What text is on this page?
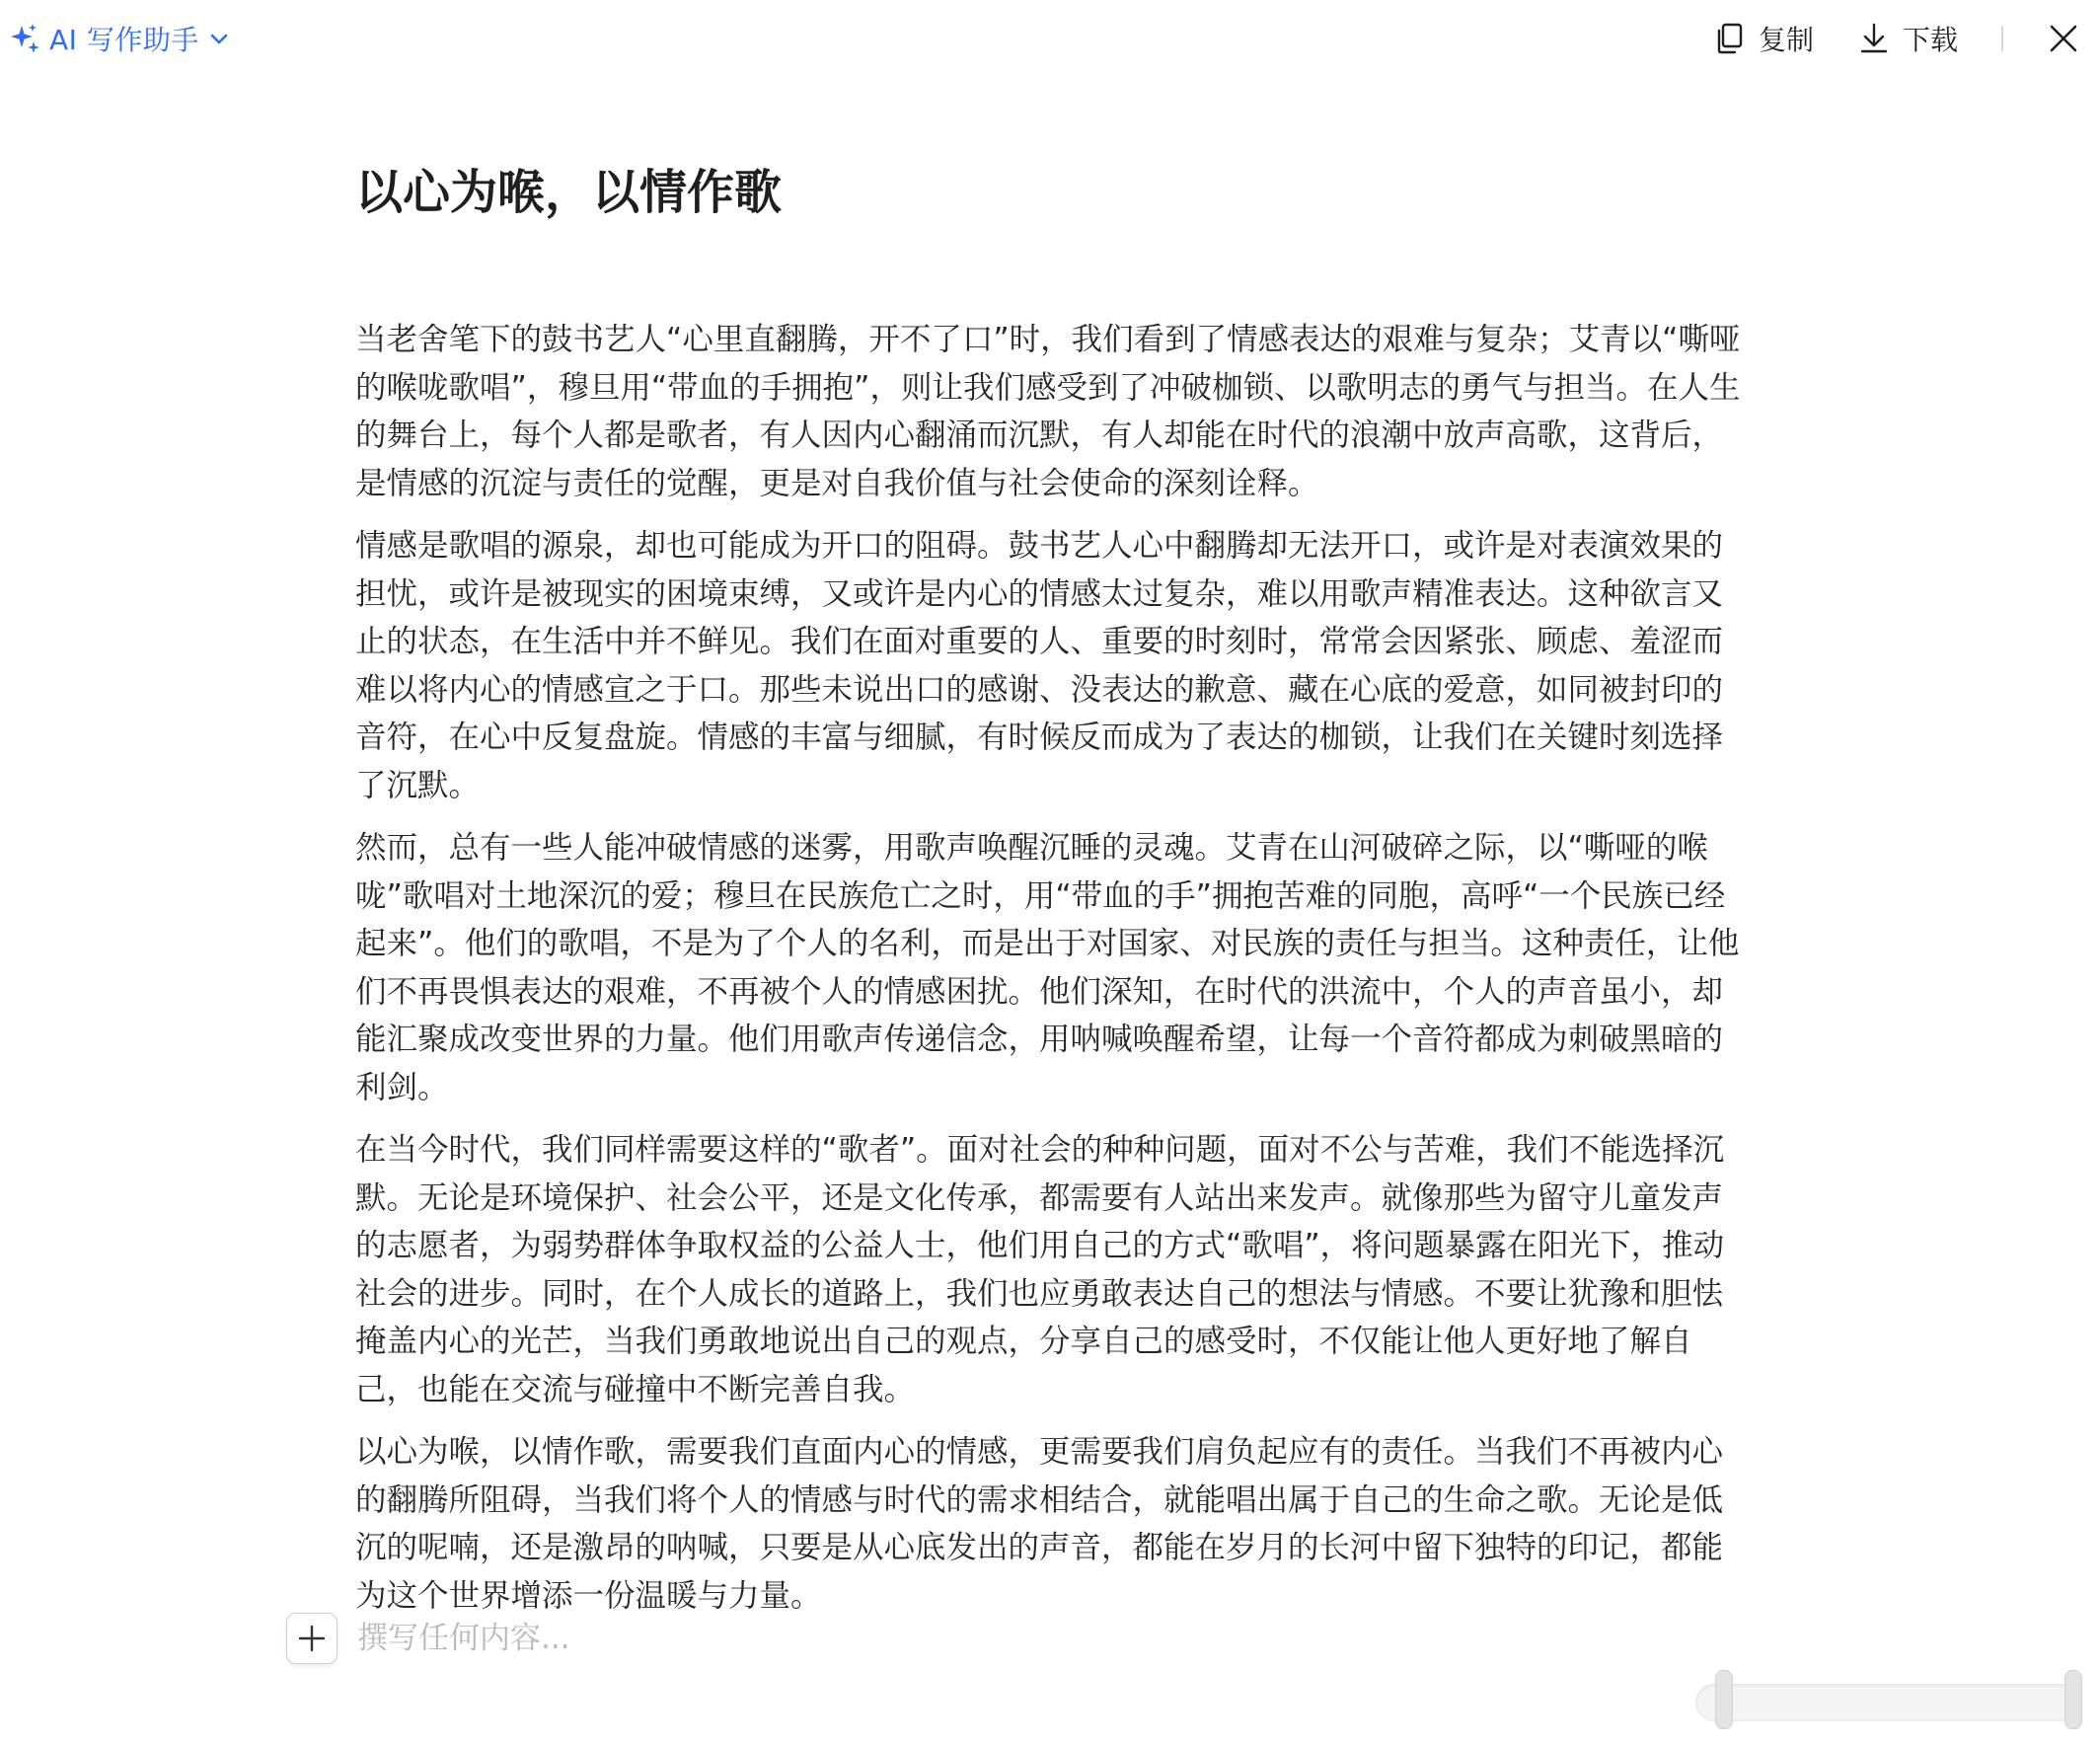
AI 写作助手	复制	下载
以心为喉，以情作歌

当老舍笔下的鼓书艺人“心里直翻腾，开不了口”时，我们看到了情感表达的艰难与复杂；艾青以“嘶哑的喉咙歌唱”，穆旦用“带血的手拥抱”，则让我们感受到了冲破枷锁、以歌明志的勇气与担当。在人生的舞台上，每个人都是歌者，有人因内心翻涌而沉默，有人却能在时代的浪潮中放声高歌，这背后，是情感的沉淀与责任的觉醒，更是对自我价值与社会使命的深刻诠释。

情感是歌唱的源泉，却也可能成为开口的阻碍。鼓书艺人心中翻腾却无法开口，或许是对表演效果的担忧，或许是被现实的困境束缚，又或许是内心的情感太过复杂，难以用歌声精准表达。这种欲言又止的状态，在生活中并不鲜见。我们在面对重要的人、重要的时刻时，常常会因紧张、顾虑、羞涩而难以将内心的情感宣之于口。那些未说出口的感谢、没表达的歉意、藏在心底的爱意，如同被封印的音符，在心中反复盘旋。情感的丰富与细腻，有时候反而成为了表达的枷锁，让我们在关键时刻选择了沉默。

然而，总有一些人能冲破情感的迷雾，用歌声唤醒沉睡的灵魂。艾青在山河破碎之际，以“嘶哑的喉咙”歌唱对土地深沉的爱；穆旦在民族危亡之时，用“带血的手”拥抱苦难的同胞，高呼“一个民族已经起来”。他们的歌唱，不是为了个人的名利，而是出于对国家、对民族的责任与担当。这种责任，让他们不再畏惧表达的艰难，不再被个人的情感困扰。他们深知，在时代的洪流中，个人的声音虽小，却能汇聚成改变世界的力量。他们用歌声传递信念，用呐喊唤醒希望，让每一个音符都成为刺破黑暗的利剑。

在当今时代，我们同样需要这样的“歌者”。面对社会的种种问题，面对不公与苦难，我们不能选择沉默。无论是环境保护、社会公平，还是文化传承，都需要有人站出来发声。就像那些为留守儿童发声的志愿者，为弱势群体争取权益的公益人士，他们用自己的方式“歌唱”，将问题暴露在阳光下，推动社会的进步。同时，在个人成长的道路上，我们也应勇敢表达自己的想法与情感。不要让犹豫和胆怯掩盖内心的光芒，当我们勇敢地说出自己的观点，分享自己的感受时，不仅能让他人更好地了解自己，也能在交流与碰撞中不断完善自我。

以心为喉，以情作歌，需要我们直面内心的情感，更需要我们肩负起应有的责任。当我们不再被内心的翻腾所阻碍，当我们将个人的情感与时代的需求相结合，就能唱出属于自己的生命之歌。无论是低沉的呢喃，还是激昂的呐喊，只要是从心底发出的声音，都能在岁月的长河中留下独特的印记，都能为这个世界增添一份温暖与力量。

撰写任何内容...
